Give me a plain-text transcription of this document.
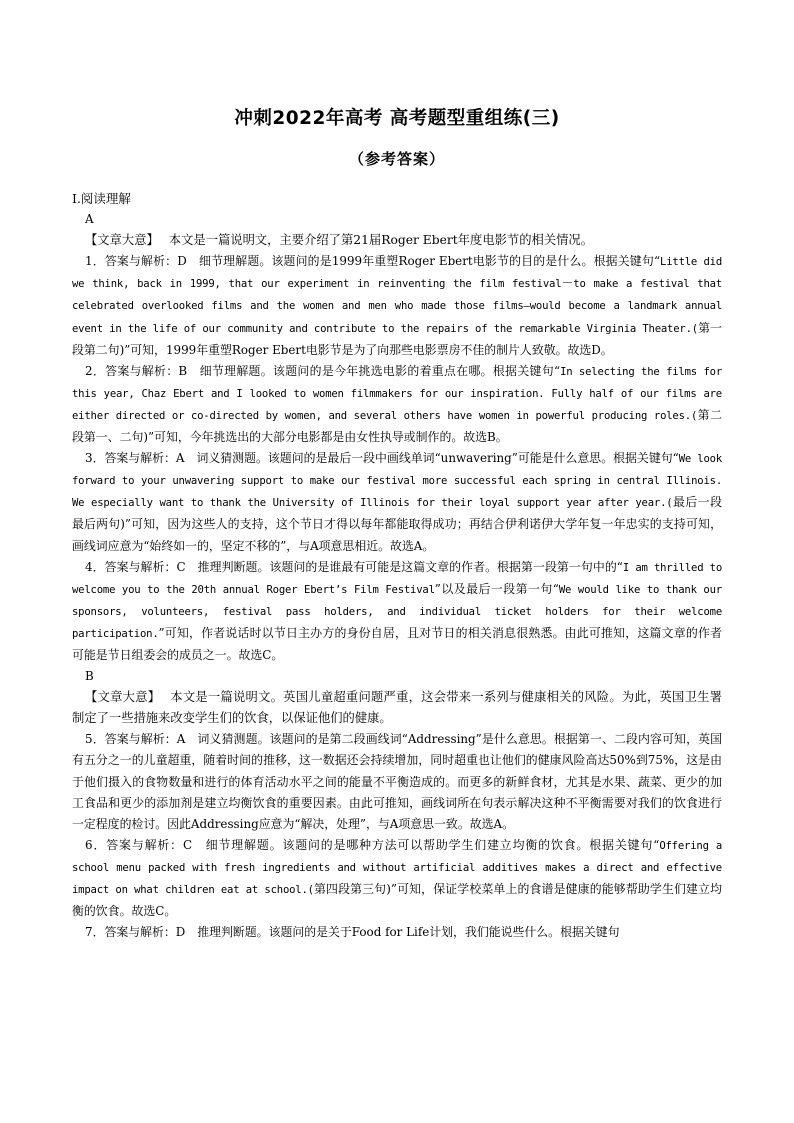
冲刺2022年高考 高考题型重组练(三)
（参考答案）

Ⅰ.阅读理解

A

【文章大意】 本文是一篇说明文，主要介绍了第21届Roger Ebert年度电影节的相关情况。

1．答案与解析：D　细节理解题。该题问的是1999年重塑Roger Ebert电影节的目的是什么。根据关键句“Little did we think, back in 1999, that our experiment in reinventing the film festival－to make a festival that celebrated overlooked films and the women and men who made those films—would become a landmark annual event in the life of our community and contribute to the repairs of the remarkable Virginia Theater.(第一段第二句)”可知，1999年重塑Roger Ebert电影节是为了向那些电影票房不佳的制片人致敬。故选D。

2．答案与解析：B　细节理解题。该题问的是今年挑选电影的着重点在哪。根据关键句“In selecting the films for this year, Chaz Ebert and I looked to women filmmakers for our inspiration. Fully half of our films are either directed or co-directed by women, and several others have women in powerful producing roles.(第二段第一、二句)”可知，今年挑选出的大部分电影都是由女性执导或制作的。故选B。

3．答案与解析：A　词义猜测题。该题问的是最后一段中画线单词“unwavering”可能是什么意思。根据关键句“We look forward to your unwavering support to make our festival more successful each spring in central Illinois. We especially want to thank the University of Illinois for their loyal support year after year.(最后一段最后两句)”可知，因为这些人的支持，这个节日才得以每年都能取得成功；再结合伊利诺伊大学年复一年忠实的支持可知，画线词应意为“始终如一的，坚定不移的”，与A项意思相近。故选A。

4．答案与解析：C　推理判断题。该题问的是谁最有可能是这篇文章的作者。根据第一段第一句中的“I am thrilled to welcome you to the 20th annual Roger Ebert’s Film Festival”以及最后一段第一句“We would like to thank our sponsors, volunteers, festival pass holders, and individual ticket holders for their welcome participation.”可知，作者说话时以节日主办方的身份自居，且对节日的相关消息很熟悉。由此可推知，这篇文章的作者可能是节日组委会的成员之一。故选C。

B

【文章大意】 本文是一篇说明文。英国儿童超重问题严重，这会带来一系列与健康相关的风险。为此，英国卫生署制定了一些措施来改变学生们的饮食，以保证他们的健康。

5．答案与解析：A　词义猜测题。该题问的是第二段画线词“Addressing”是什么意思。根据第一、二段内容可知，英国有五分之一的儿童超重，随着时间的推移，这一数据还会持续增加，同时超重也让他们的健康风险高达50%到75%，这是由于他们摄入的食物数量和进行的体育活动水平之间的能量不平衡造成的。而更多的新鲜食材，尤其是水果、蔬菜、更少的加工食品和更少的添加剂是建立均衡饮食的重要因素。由此可推知，画线词所在句表示解决这种不平衡需要对我们的饮食进行一定程度的检讨。因此Addressing应意为“解决，处理”，与A项意思一致。故选A。

6．答案与解析：C　细节理解题。该题问的是哪种方法可以帮助学生们建立均衡的饮食。根据关键句“Offering a school menu packed with fresh ingredients and without artificial additives makes a direct and effective impact on what children eat at school.(第四段第三句)”可知，保证学校菜单上的食谱是健康的能够帮助学生们建立均衡的饮食。故选C。

7．答案与解析：D　推理判断题。该题问的是关于Food for Life计划，我们能说些什么。根据关键句
